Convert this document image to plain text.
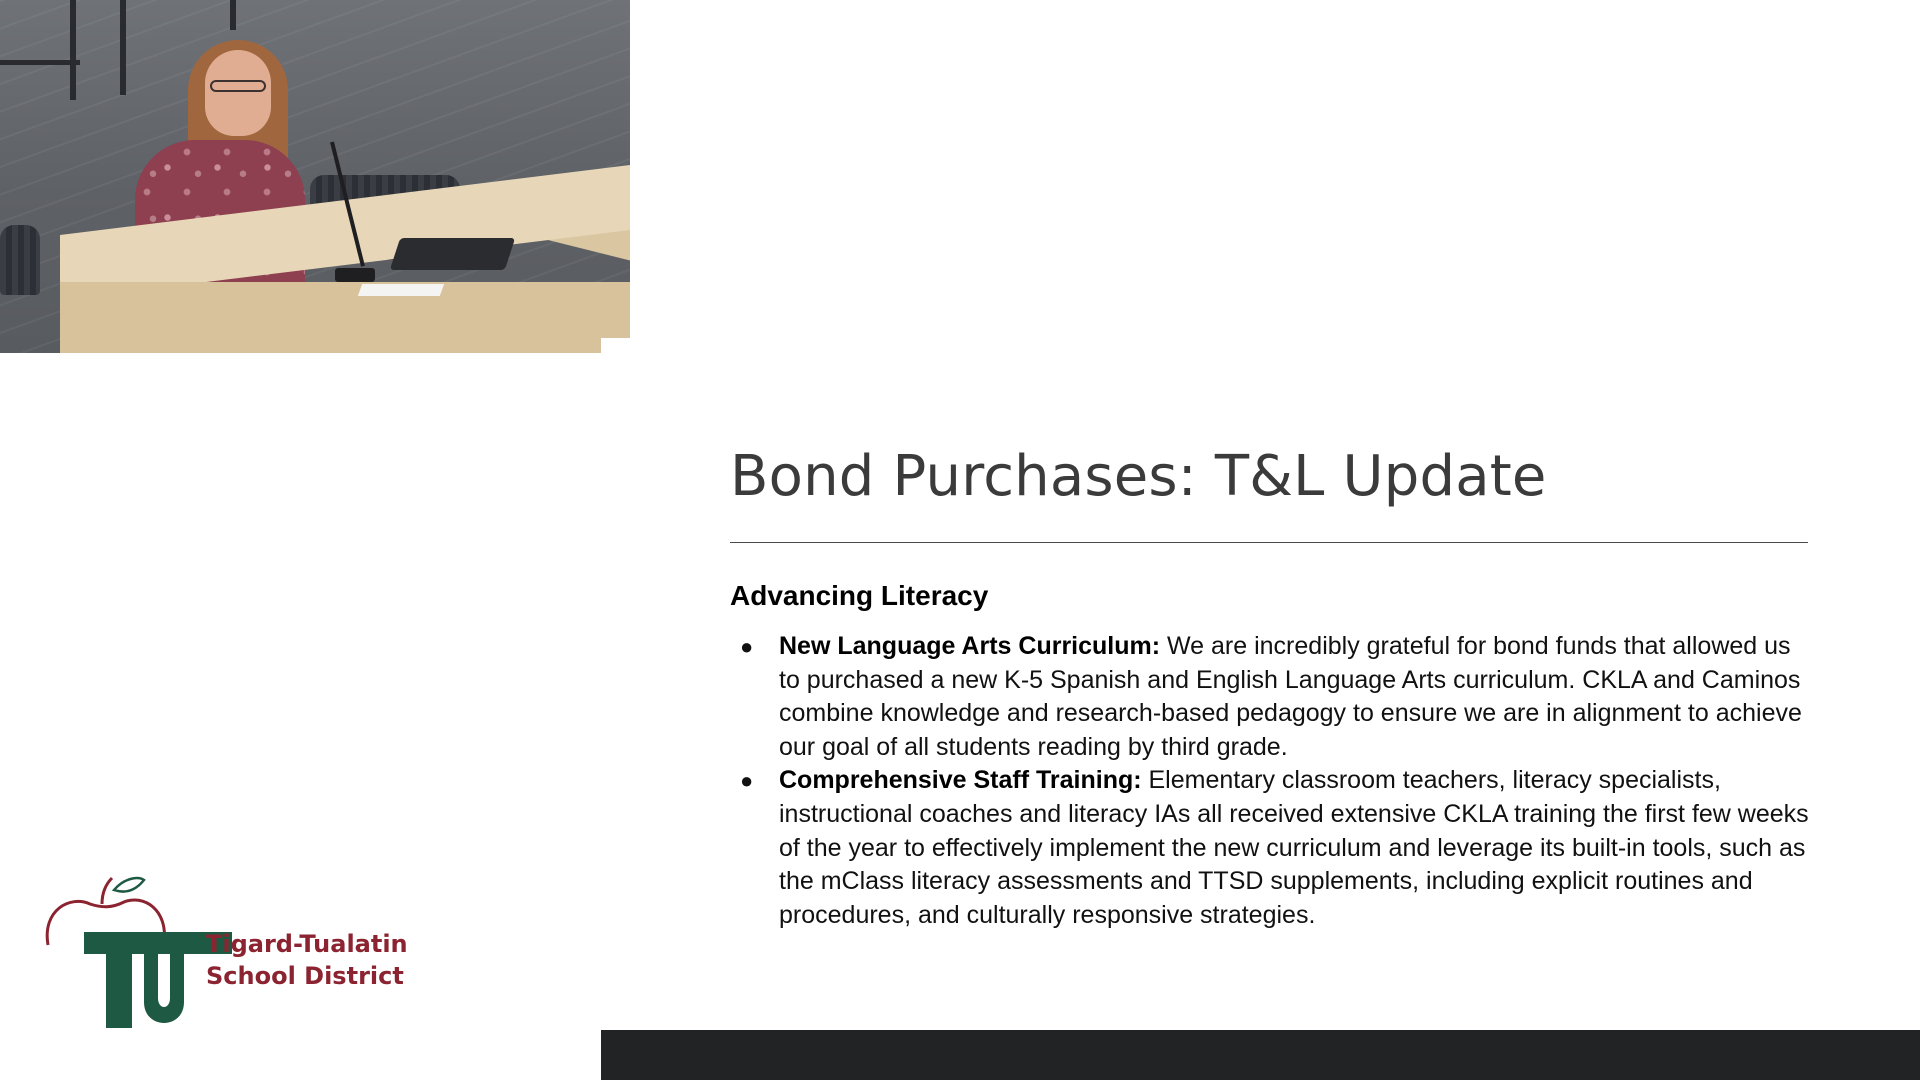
Bond Purchases: T&L Update
Advancing Literacy
● New Language Arts Curriculum: We are incredibly grateful for bond funds that allowed us to purchased a new K-5 Spanish and English Language Arts curriculum. CKLA and Caminos combine knowledge and research-based pedagogy to ensure we are in alignment to achieve our goal of all students reading by third grade.
● Comprehensive Staff Training: Elementary classroom teachers, literacy specialists, instructional coaches and literacy IAs all received extensive CKLA training the first few weeks of the year to effectively implement the new curriculum and leverage its built-in tools, such as the mClass literacy assessments and TTSD supplements, including explicit routines and procedures, and culturally responsive strategies.

Tigard-Tualatin
School District
